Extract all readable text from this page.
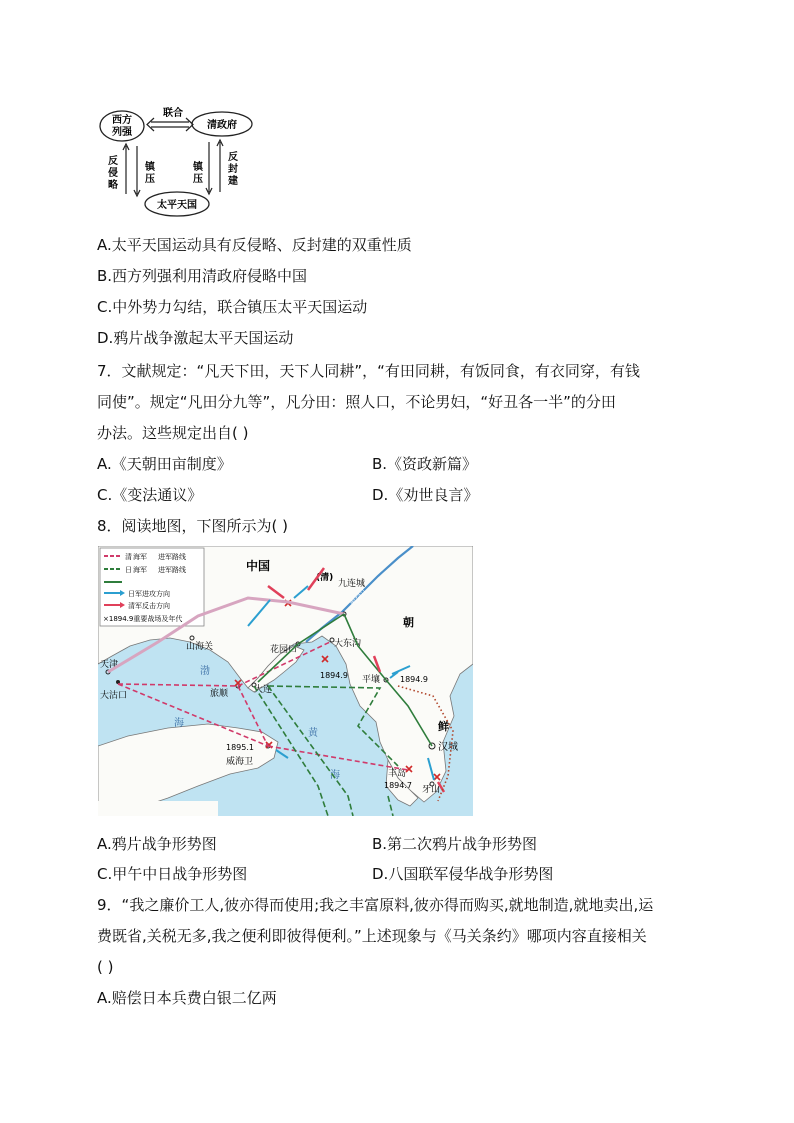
西方
列强
清政府
太平天国
联合
反
侵
略
镇
压
镇
压
反
封
建
A.太平天国运动具有反侵略、反封建的双重性质
B.西方列强利用清政府侵略中国
C.中外势力勾结，联合镇压太平天国运动
D.鸦片战争激起太平天国运动
7．文献规定：“凡天下田，天下人同耕”，“有田同耕，有饭同食，有衣同穿，有钱
同使”。规定“凡田分九等”，凡分田：照人口，不论男妇，“好丑各一半”的分田
办法。这些规定出自( )
A.《天朝田亩制度》	B.《资政新篇》
C.《变法通议》	D.《劝世良言》
8．阅读地图，下图所示为( )
清 海军 进军路线
日 海军 进军路线
日军进攻方向
清军反击方向
×1894.9重要战场及年代
中国
(清)
朝
鲜
渤
海
黄
海
鸭绿江
天津
大沽口
山海关	花园口
旅顺	大连
威海卫
九连城
大东沟
平壤
汉城
丰岛
牙山
1894.9	1894.9
1895.1
1894.7
A.鸦片战争形势图	B.第二次鸦片战争形势图
C.甲午中日战争形势图	D.八国联军侵华战争形势图
9．“我之廉价工人,彼亦得而使用;我之丰富原料,彼亦得而购买,就地制造,就地卖出,运
费既省,关税无多,我之便利即彼得便利。”上述现象与《马关条约》哪项内容直接相关
( )
A.赔偿日本兵费白银二亿两
